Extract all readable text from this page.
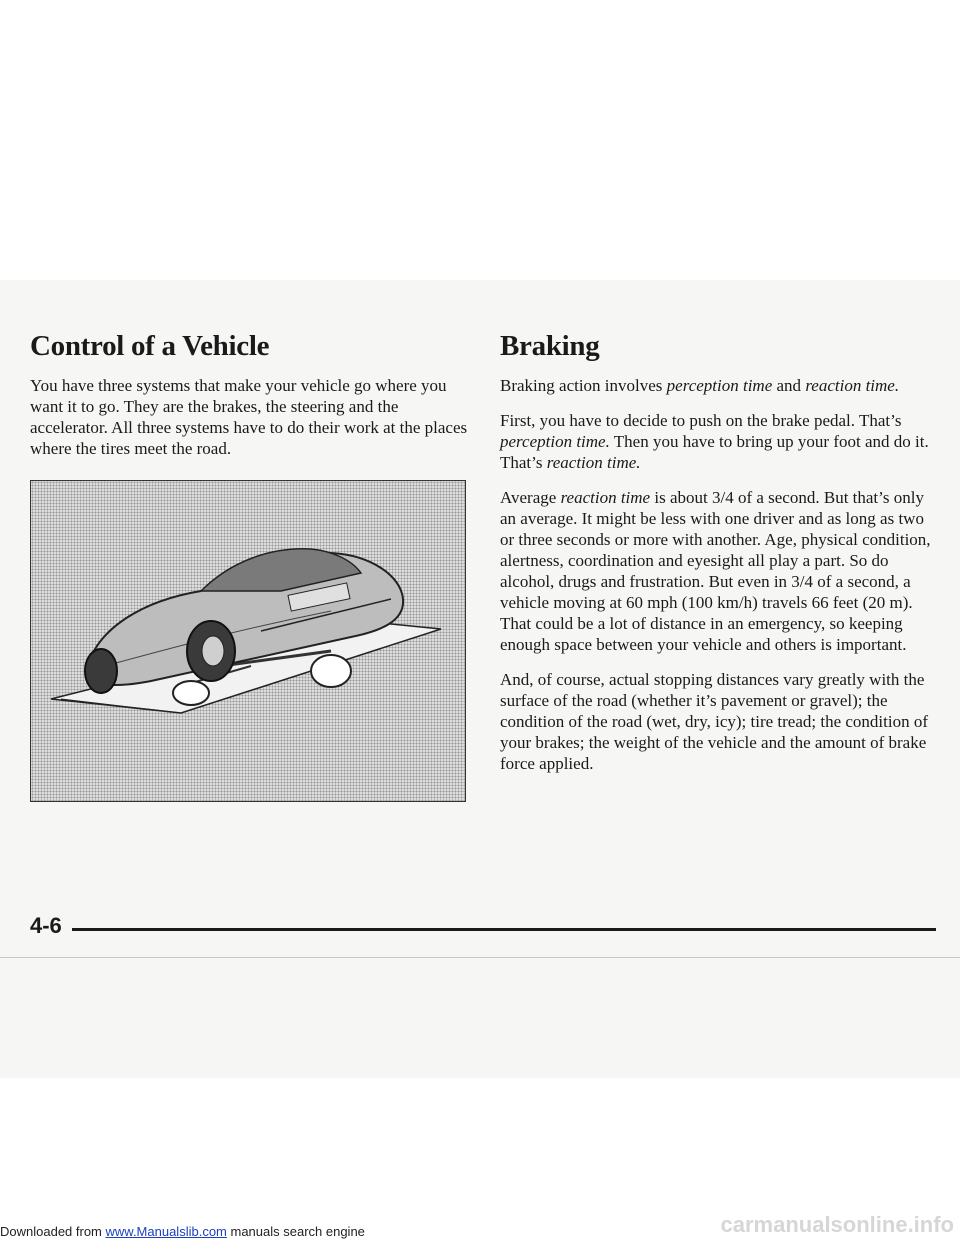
Control of a Vehicle

You have three systems that make your vehicle go where you want it to go. They are the brakes, the steering and the accelerator. All three systems have to do their work at the places where the tires meet the road.

Braking

Braking action involves perception time and reaction time.

First, you have to decide to push on the brake pedal. That’s perception time. Then you have to bring up your foot and do it. That’s reaction time.

Average reaction time is about 3/4 of a second. But that’s only an average. It might be less with one driver and as long as two or three seconds or more with another. Age, physical condition, alertness, coordination and eyesight all play a part. So do alcohol, drugs and frustration. But even in 3/4 of a second, a vehicle moving at 60 mph (100 km/h) travels 66 feet (20 m). That could be a lot of distance in an emergency, so keeping enough space between your vehicle and others is important.

And, of course, actual stopping distances vary greatly with the surface of the road (whether it’s pavement or gravel); the condition of the road (wet, dry, icy); tire tread; the condition of your brakes; the weight of the vehicle and the amount of brake force applied.

4-6
Downloaded from www.Manualslib.com manuals search engine	carmanualsonline.info
